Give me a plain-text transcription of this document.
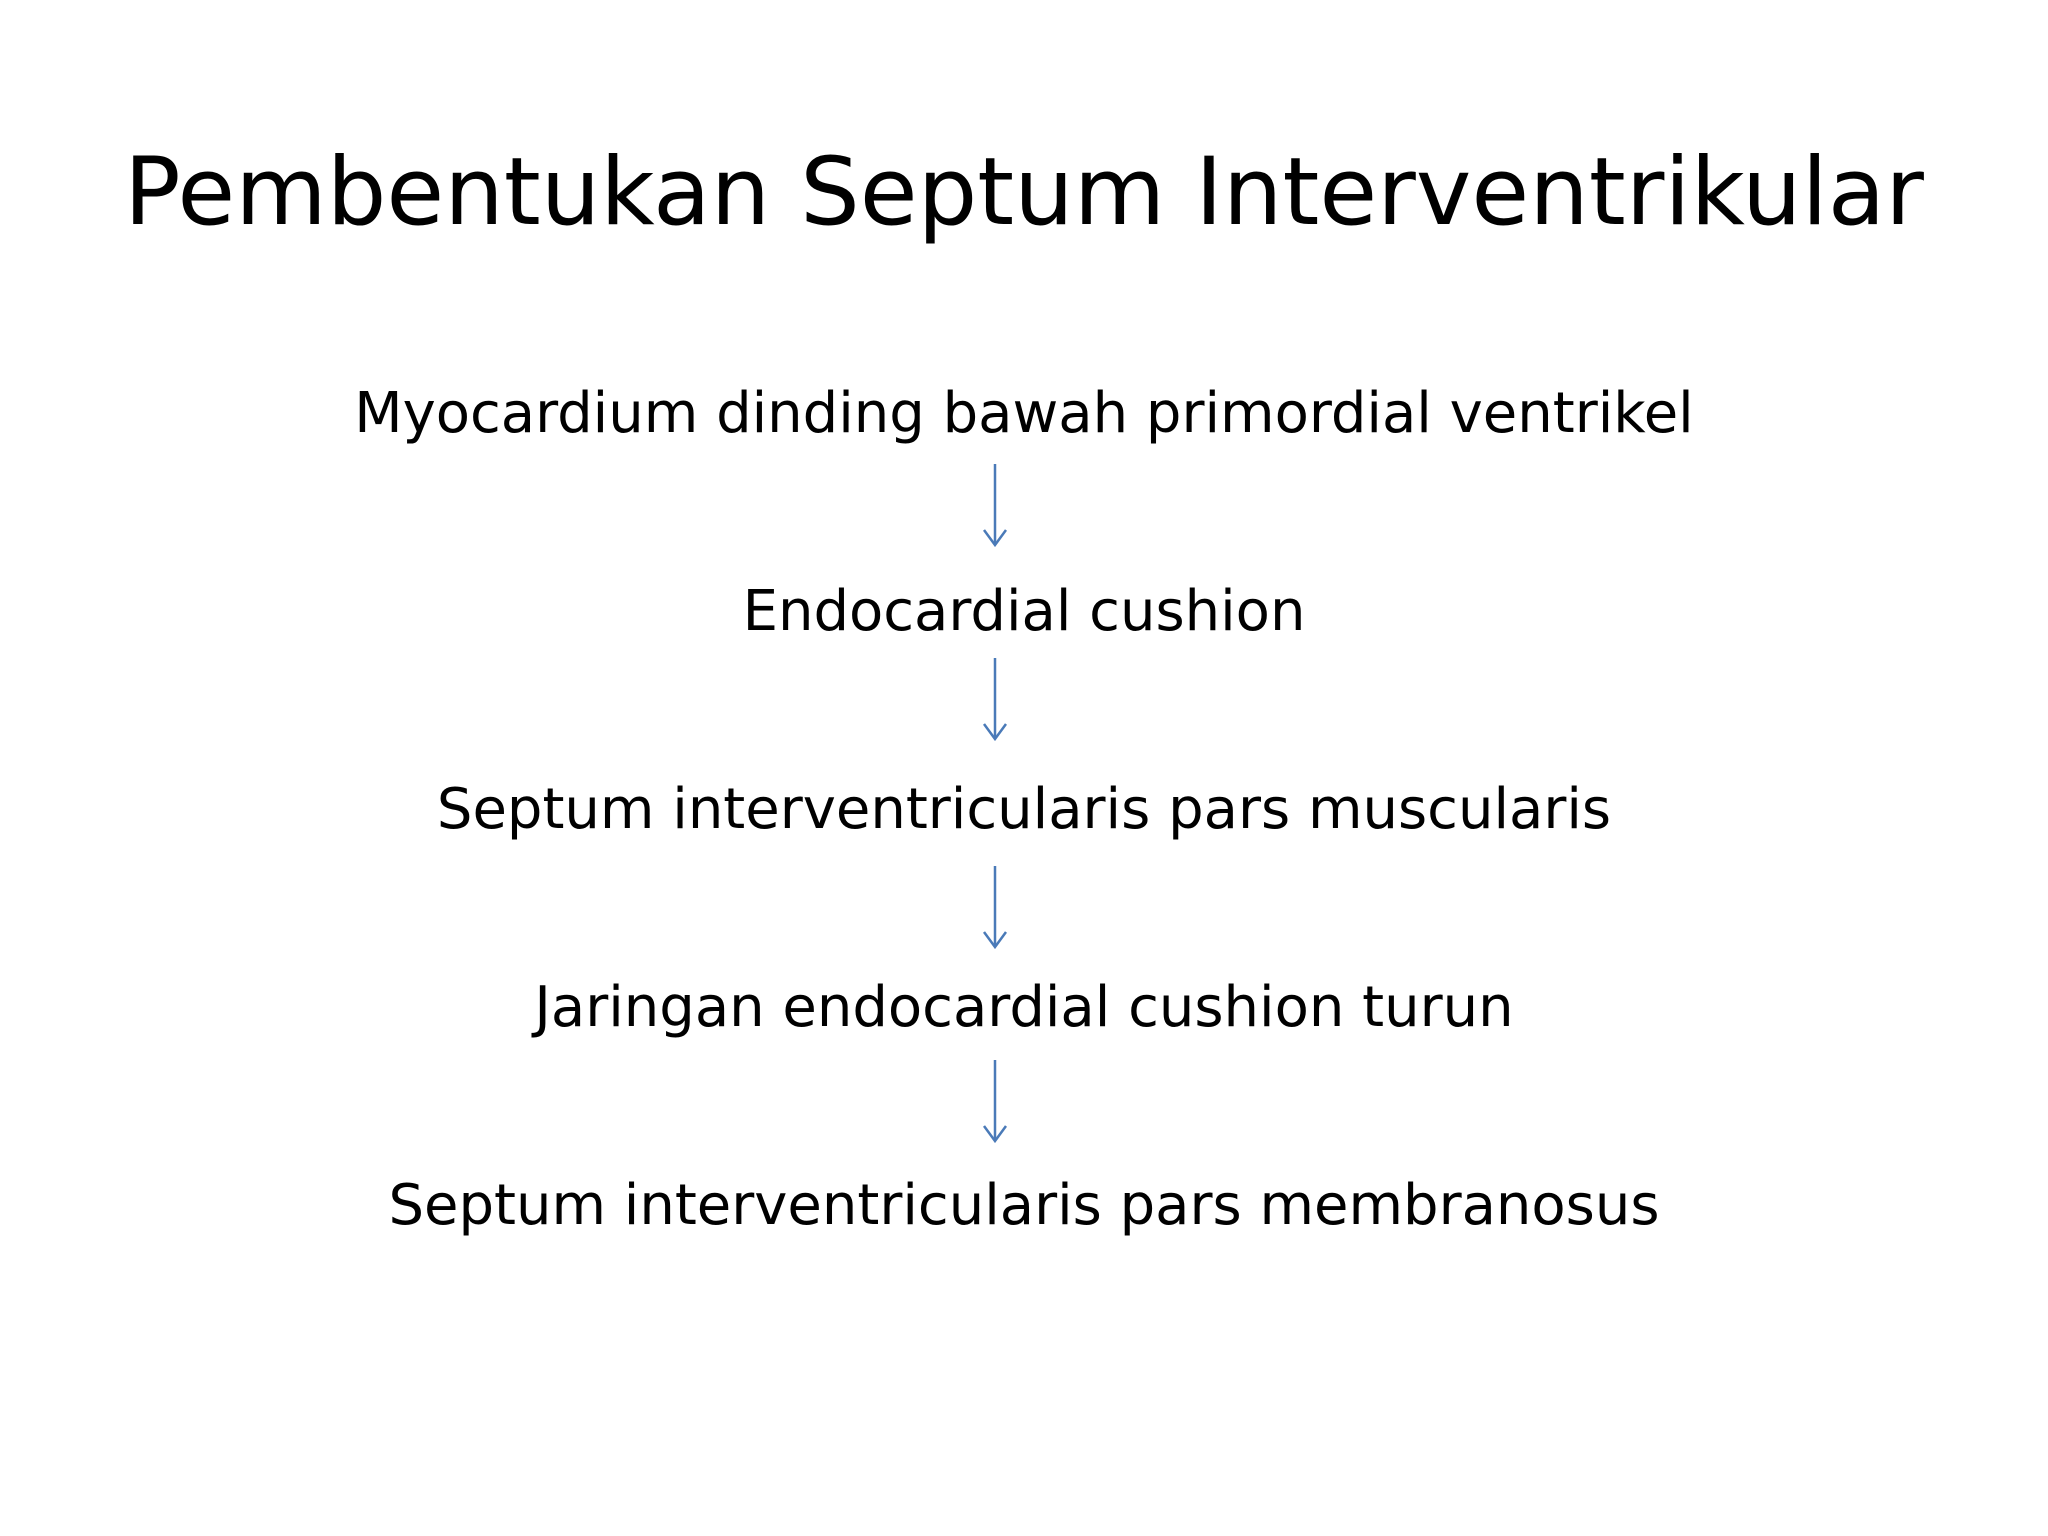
Pembentukan Septum Interventrikular
Myocardium dinding bawah primordial ventrikel
Endocardial cushion
Septum interventricularis pars muscularis
Jaringan endocardial cushion turun
Septum interventricularis pars membranosus
